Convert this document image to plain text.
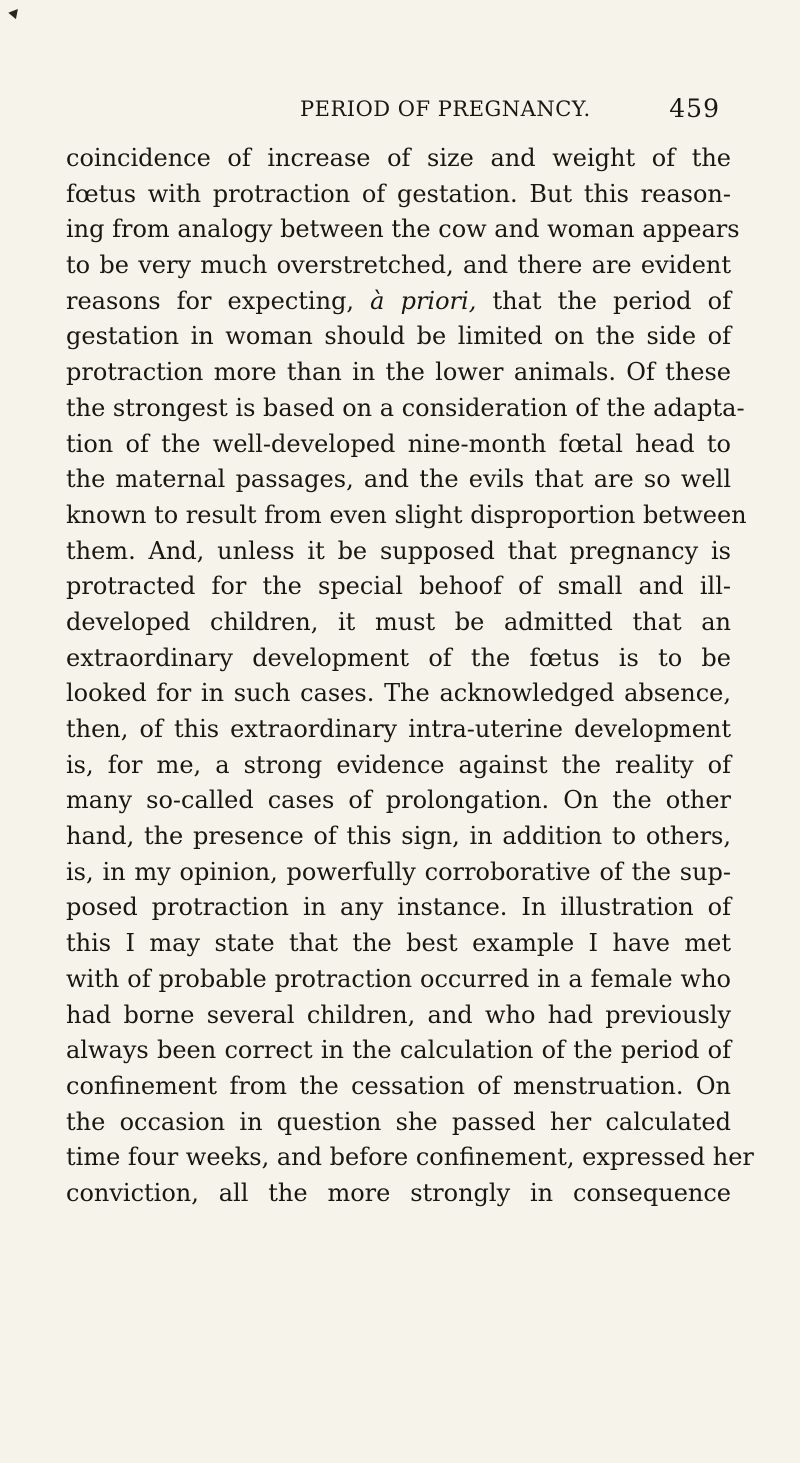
PERIOD OF PREGNANCY.	459
coincidence of increase of size and weight of the
fœtus with protraction of gestation. But this reason-
ing from analogy between the cow and woman appears
to be very much overstretched, and there are evident
reasons for expecting, à priori, that the period of
gestation in woman should be limited on the side of
protraction more than in the lower animals. Of these
the strongest is based on a consideration of the adapta-
tion of the well-developed nine-month fœtal head to
the maternal passages, and the evils that are so well
known to result from even slight disproportion between
them. And, unless it be supposed that pregnancy is
protracted for the special behoof of small and ill-
developed children, it must be admitted that an
extraordinary development of the fœtus is to be
looked for in such cases. The acknowledged absence,
then, of this extraordinary intra-uterine development
is, for me, a strong evidence against the reality of
many so-called cases of prolongation. On the other
hand, the presence of this sign, in addition to others,
is, in my opinion, powerfully corroborative of the sup-
posed protraction in any instance. In illustration of
this I may state that the best example I have met
with of probable protraction occurred in a female who
had borne several children, and who had previously
always been correct in the calculation of the period of
confinement from the cessation of menstruation. On
the occasion in question she passed her calculated
time four weeks, and before confinement, expressed her
conviction, all the more strongly in consequence
